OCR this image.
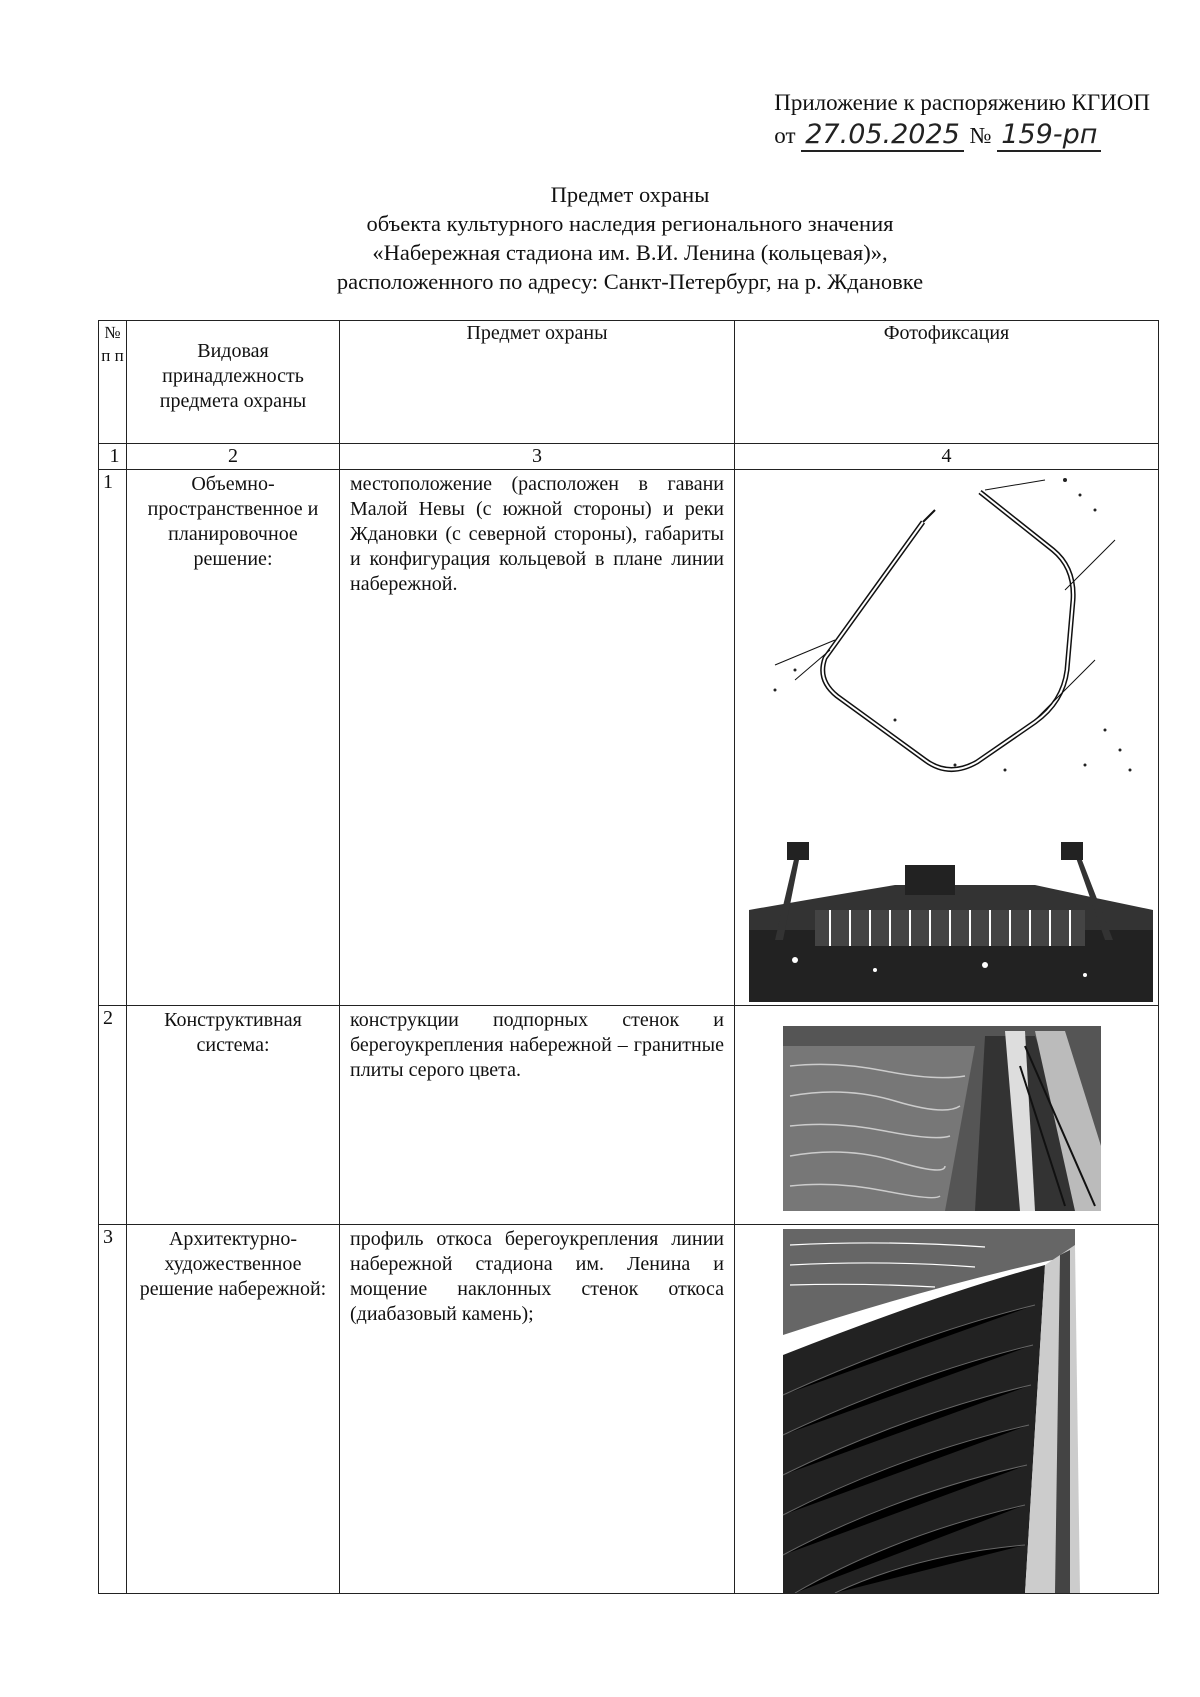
Приложение к распоряжению КГИОП
от 27.05.2025 № 159-рп
Предмет охраны
объекта культурного наследия регионального значения
«Набережная стадиона им. В.И. Ленина (кольцевая)»,
расположенного по адресу: Санкт-Петербург, на р. Ждановке
№ п п	Видовая принадлежность предмета охраны	Предмет охраны	Фотофиксация
1	2	3	4
1	Объемно-пространственное и планировочное решение:	местоположение (расположен в гавани Малой Невы (с южной стороны) и реки Ждановки (с северной стороны), габариты и конфигурация кольцевой в плане линии набережной.	

2	Конструктивная система:	конструкции подпорных стенок и берегоукрепления набережной – гранитные плиты серого цвета.	

3	Архитектурно-художественное решение набережной:	профиль откоса берегоукрепления линии набережной стадиона им. Ленина и мощение наклонных стенок откоса (диабазовый камень);	
